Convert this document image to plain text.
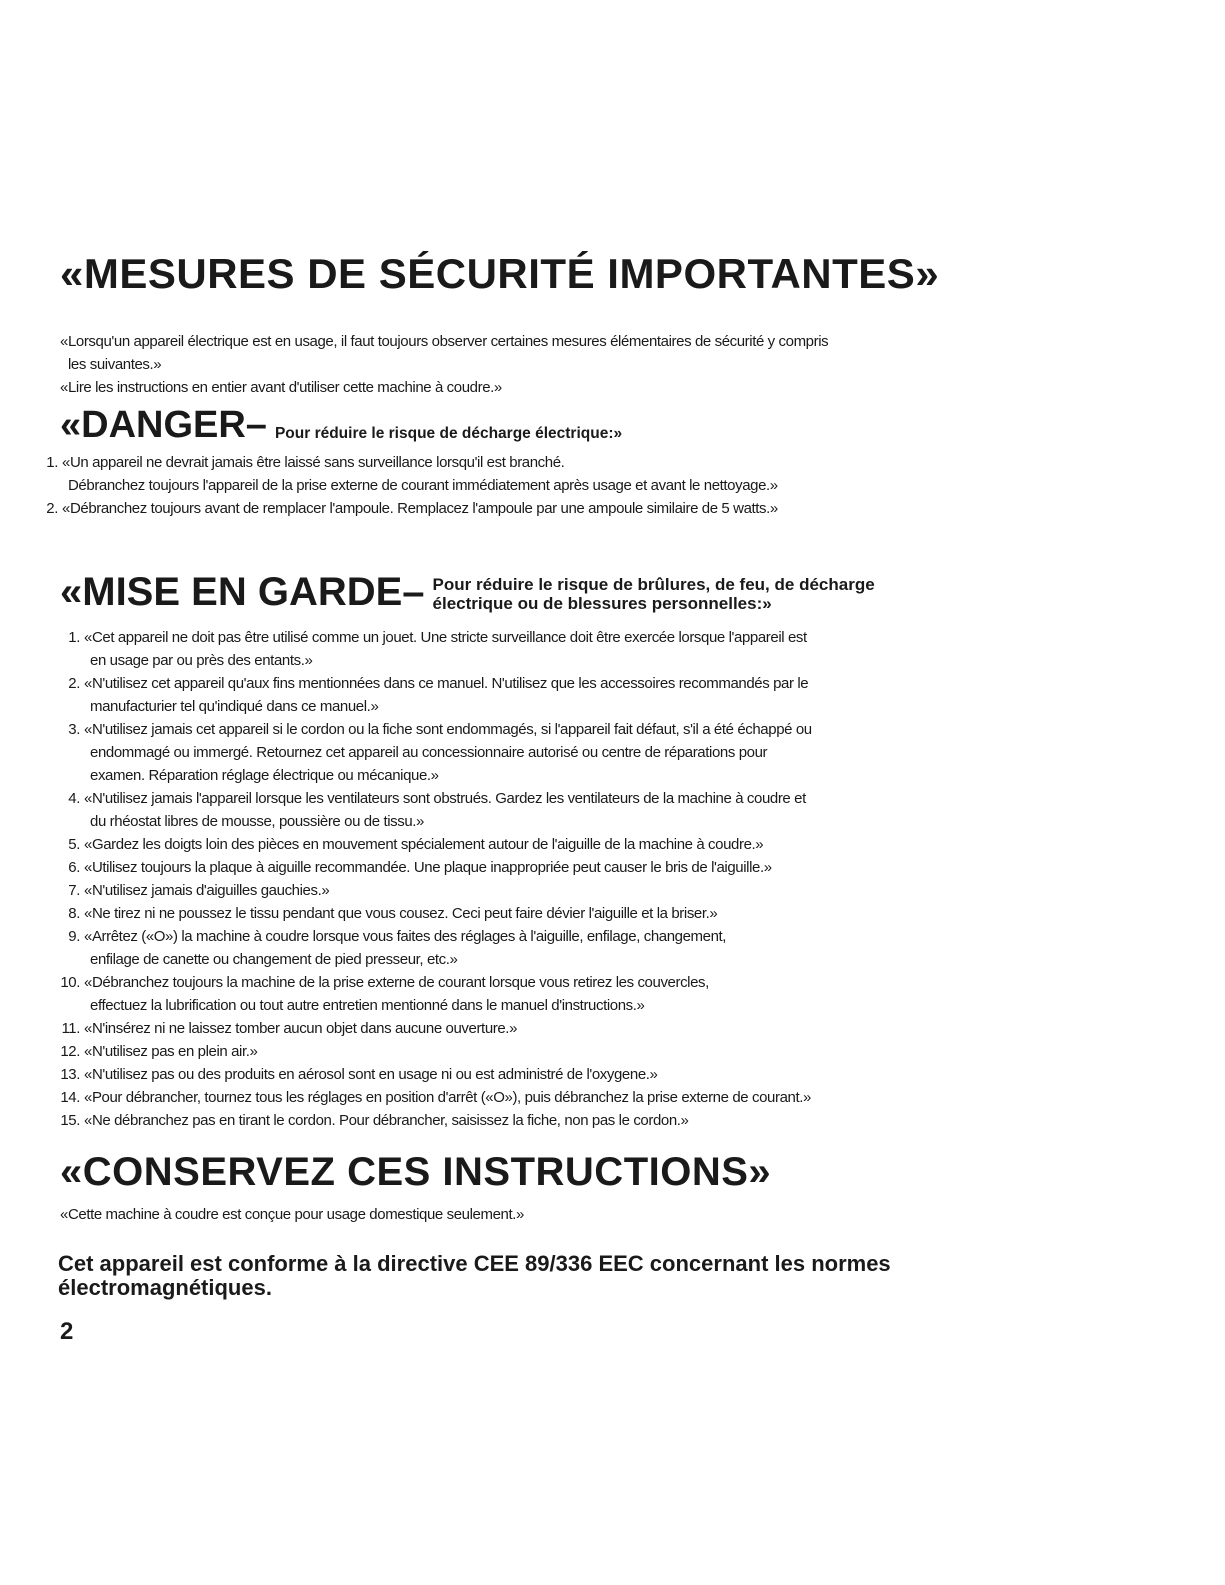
«MESURES DE SÉCURITÉ IMPORTANTES»
«Lorsqu'un appareil électrique est en usage, il faut toujours observer certaines mesures élémentaires de sécurité y compris
les suivantes.»
«Lire les instructions en entier avant d'utiliser cette machine à coudre.»
«DANGER– Pour réduire le risque de décharge électrique:»
1. «Un appareil ne devrait jamais être laissé sans surveillance lorsqu'il est branché.
Débranchez toujours l'appareil de la prise externe de courant immédiatement après usage et avant le nettoyage.»
2. «Débranchez toujours avant de remplacer l'ampoule. Remplacez l'ampoule par une ampoule similaire de 5 watts.»
«MISE EN GARDE– Pour réduire le risque de brûlures, de feu, de décharge
électrique ou de blessures personnelles:»
1. «Cet appareil ne doit pas être utilisé comme un jouet. Une stricte surveillance doit être exercée lorsque l'appareil est
en usage par ou près des entants.»
2. «N'utilisez cet appareil qu'aux fins mentionnées dans ce manuel. N'utilisez que les accessoires recommandés par le
manufacturier tel qu'indiqué dans ce manuel.»
3. «N'utilisez jamais cet appareil si le cordon ou la fiche sont endommagés, si l'appareil fait défaut, s'il a été échappé ou
endommagé ou immergé. Retournez cet appareil au concessionnaire autorisé ou centre de réparations pour
examen. Réparation réglage électrique ou mécanique.»
4. «N'utilisez jamais l'appareil lorsque les ventilateurs sont obstrués. Gardez les ventilateurs de la machine à coudre et
du rhéostat libres de mousse, poussière ou de tissu.»
5. «Gardez les doigts loin des pièces en mouvement spécialement autour de l'aiguille de la machine à coudre.»
6. «Utilisez toujours la plaque à aiguille recommandée. Une plaque inappropriée peut causer le bris de l'aiguille.»
7. «N'utilisez jamais d'aiguilles gauchies.»
8. «Ne tirez ni ne poussez le tissu pendant que vous cousez. Ceci peut faire dévier l'aiguille et la briser.»
9. «Arrêtez («O») la machine à coudre lorsque vous faites des réglages à l'aiguille, enfilage, changement,
enfilage de canette ou changement de pied presseur, etc.»
10. «Débranchez toujours la machine de la prise externe de courant lorsque vous retirez les couvercles,
effectuez la lubrification ou tout autre entretien mentionné dans le manuel d'instructions.»
11. «N'insérez ni ne laissez tomber aucun objet dans aucune ouverture.»
12. «N'utilisez pas en plein air.»
13. «N'utilisez pas ou des produits en aérosol sont en usage ni ou est administré de l'oxygene.»
14. «Pour débrancher, tournez tous les réglages en position d'arrêt («O»), puis débranchez la prise externe de courant.»
15. «Ne débranchez pas en tirant le cordon. Pour débrancher, saisissez la fiche, non pas le cordon.»
«CONSERVEZ CES INSTRUCTIONS»
«Cette machine à coudre est conçue pour usage domestique seulement.»
Cet appareil est conforme à la directive CEE 89/336 EEC concernant les normes
électromagnétiques.
2
